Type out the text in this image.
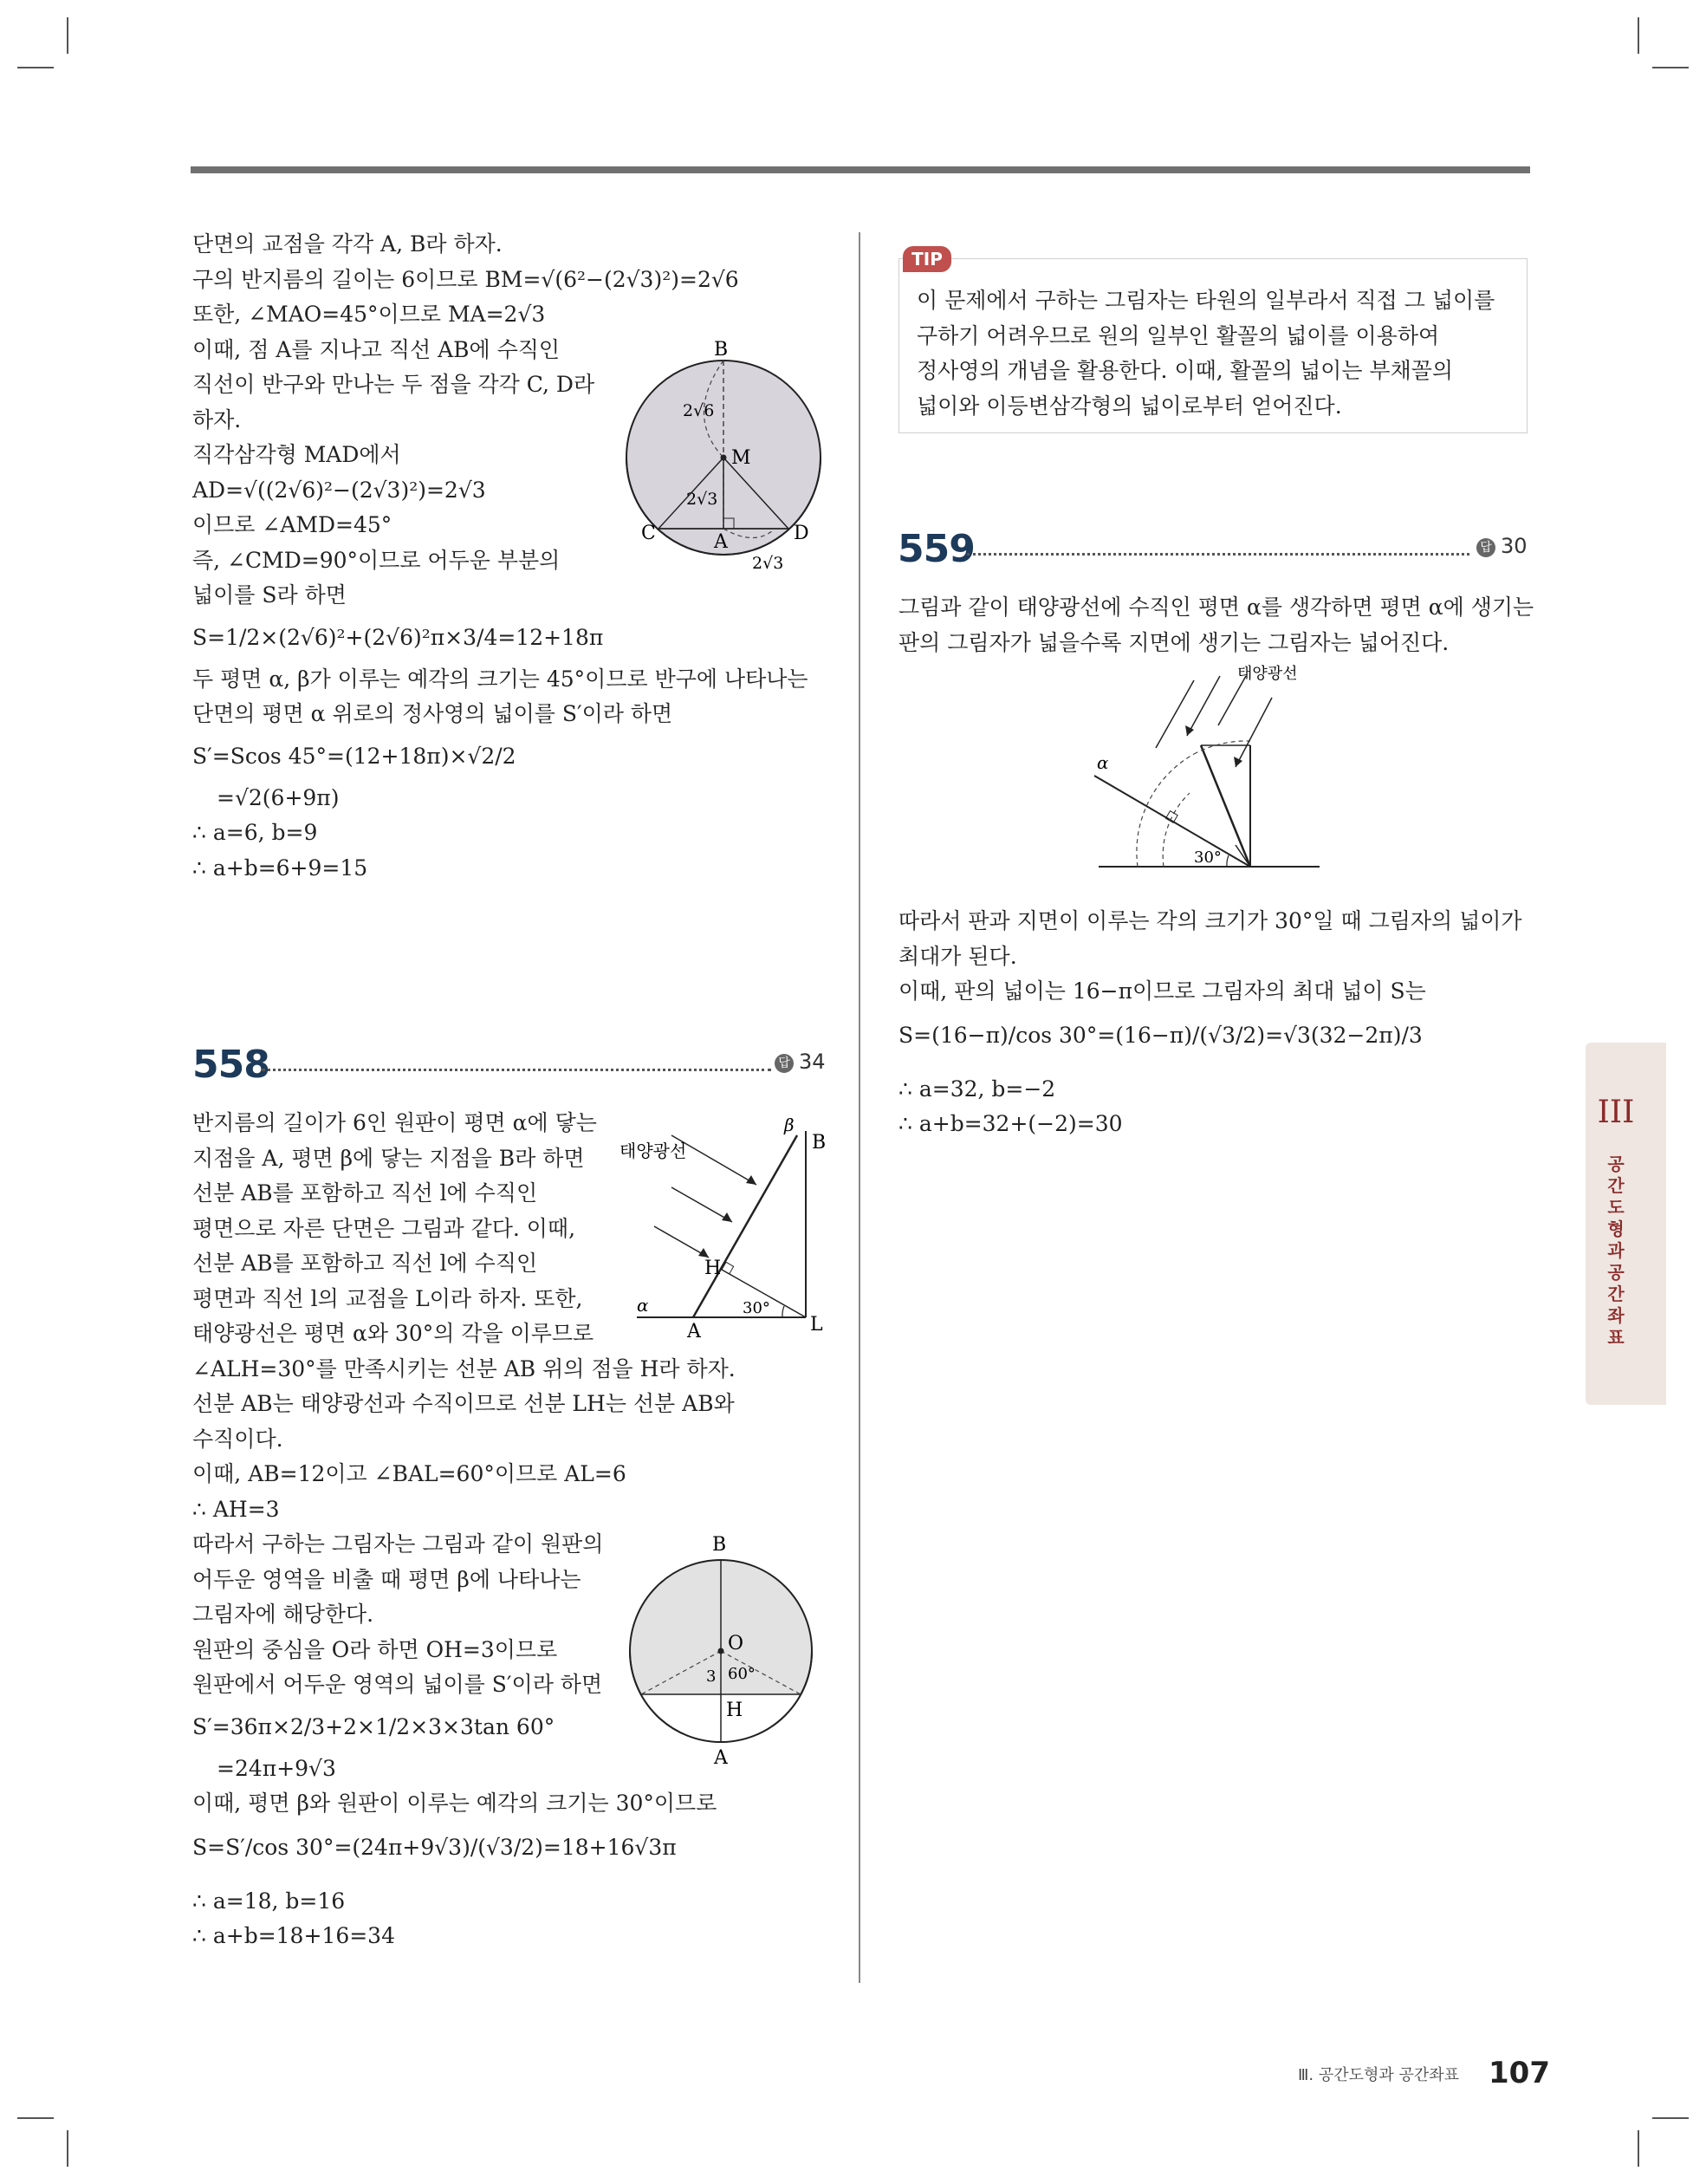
단면의 교점을 각각 A, B라 하자.
구의 반지름의 길이는 6이므로 BM=√(6²−(2√3)²)=2√6
또한, ∠MAO=45°이므로 MA=2√3
이때, 점 A를 지나고 직선 AB에 수직인
직선이 반구와 만나는 두 점을 각각 C, D라
하자.
직각삼각형 MAD에서
AD=√((2√6)²−(2√3)²)=2√3
이므로 ∠AMD=45°
즉, ∠CMD=90°이므로 어두운 부분의
넓이를 S라 하면
S=1/2×(2√6)²+(2√6)²π×3/4=12+18π
두 평면 α, β가 이루는 예각의 크기는 45°이므로 반구에 나타나는
단면의 평면 α 위로의 정사영의 넓이를 S′이라 하면
S′=Scos 45°=(12+18π)×√2/2
=√2(6+9π)
∴ a=6, b=9
∴ a+b=6+9=15
B
M
C	A	D
2√6
2√3
2√3
558	답 34
반지름의 길이가 6인 원판이 평면 α에 닿는
지점을 A, 평면 β에 닿는 지점을 B라 하면
선분 AB를 포함하고 직선 l에 수직인
평면으로 자른 단면은 그림과 같다. 이때,
선분 AB를 포함하고 직선 l에 수직인
평면과 직선 l의 교점을 L이라 하자. 또한,
태양광선은 평면 α와 30°의 각을 이루므로
∠ALH=30°를 만족시키는 선분 AB 위의 점을 H라 하자.
선분 AB는 태양광선과 수직이므로 선분 LH는 선분 AB와
수직이다.
이때, AB=12이고 ∠BAL=60°이므로 AL=6
∴ AH=3
따라서 구하는 그림자는 그림과 같이 원판의
어두운 영역을 비출 때 평면 β에 나타나는
그림자에 해당한다.
원판의 중심을 O라 하면 OH=3이므로
원판에서 어두운 영역의 넓이를 S′이라 하면
S′=36π×2/3+2×1/2×3×3tan 60°
=24π+9√3
이때, 평면 β와 원판이 이루는 예각의 크기는 30°이므로
S=S′/cos 30°=(24π+9√3)/(√3/2)=18+16√3π
∴ a=18, b=16
∴ a+b=18+16=34
태양광선
β
B
H
α	30°
A	L
B
O
3 60°
H
A
이 문제에서 구하는 그림자는 타원의 일부라서 직접 그 넓이를
구하기 어려우므로 원의 일부인 활꼴의 넓이를 이용하여
정사영의 개념을 활용한다. 이때, 활꼴의 넓이는 부채꼴의
넓이와 이등변삼각형의 넓이로부터 얻어진다.
TIP
559	답 30
그림과 같이 태양광선에 수직인 평면 α를 생각하면 평면 α에 생기는
판의 그림자가 넓을수록 지면에 생기는 그림자는 넓어진다.
태양광선
α
30°
따라서 판과 지면이 이루는 각의 크기가 30°일 때 그림자의 넓이가
최대가 된다.
이때, 판의 넓이는 16−π이므로 그림자의 최대 넓이 S는
S=(16−π)/cos 30°=(16−π)/(√3/2)=√3(32−2π)/3
∴ a=32, b=−2
∴ a+b=32+(−2)=30	III
공간도형과 공간좌표
Ⅲ. 공간도형과 공간좌표 107
